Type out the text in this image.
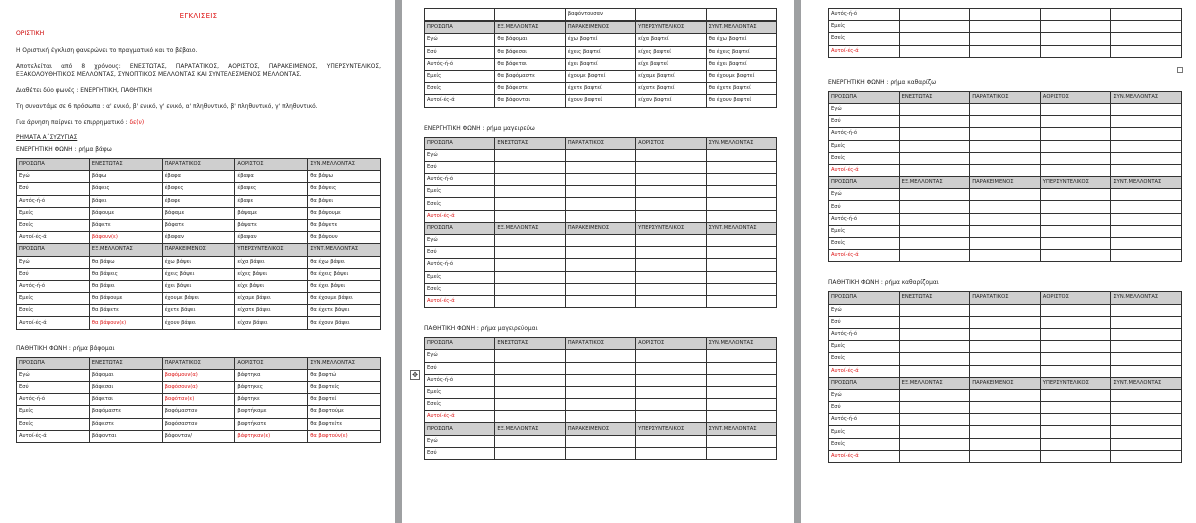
ΕΓΚΛΙΣΕΙΣ
ΟΡΙΣΤΙΚΗ

Η Οριστική έγκλιση φανερώνει το πραγματικό και το βέβαιο.

Αποτελείται από 8 χρόνους: ΕΝΕΣΤΩΤΑΣ, ΠΑΡΑΤΑΤΙΚΟΣ, ΑΟΡΙΣΤΟΣ, ΠΑΡΑΚΕΙΜΕΝΟΣ, ΥΠΕΡΣΥΝΤΕΛΙΚΟΣ, ΕΞΑΚΟΛΟΥΘΗΤΙΚΟΣ ΜΕΛΛΟΝΤΑΣ, ΣΥΝΟΠΤΙΚΟΣ ΜΕΛΛΟΝΤΑΣ ΚΑΙ ΣΥΝΤΕΛΕΣΜΕΝΟΣ ΜΕΛΛΟΝΤΑΣ.

Διαθέτει δύο φωνές : ΕΝΕΡΓΗΤΙΚΗ, ΠΑΘΗΤΙΚΗ

Τη συναντάμε σε 6 πρόσωπα : α' ενικό, β' ενικό, γ' ενικό, α' πληθυντικό, β' πληθυντικό, γ' πληθυντικό.

Για άρνηση παίρνει το επιρρηματικό : δε(ν)

ΡΗΜΑΤΑ Α΄ΣΥΖΥΓΙΑΣ
ΕΝΕΡΓΗΤΙΚΗ ΦΩΝΗ : ρήμα βάφω
ΠΡΟΣΩΠΑ	ΕΝΕΣΤΩΤΑΣ	ΠΑΡΑΤΑΤΙΚΟΣ	ΑΟΡΙΣΤΟΣ	ΣΥΝ.ΜΕΛΛΟΝΤΑΣ
Εγώ	βάφω	έβαφα	έβαψα	θα βάψω
Εσύ	βάφεις	έβαφες	έβαψες	θα βάψεις
Αυτός-ή-ό	βάφει	έβαφε	έβαψε	θα βάψει
Εμείς	βάφουμε	βάφαμε	βάψαμε	θα βάψουμε
Εσείς	βάφετε	βάφατε	βάψατε	θα βάψετε
Αυτοί-ές-ά	βάφουν(ε)	έβαφαν	έβαψαν	θα βάψουν
ΠΡΟΣΩΠΑ	ΕΞ.ΜΕΛΛΟΝΤΑΣ	ΠΑΡΑΚΕΙΜΕΝΟΣ	ΥΠΕΡΣΥΝΤΕΛΙΚΟΣ	ΣΥΝΤ.ΜΕΛΛΟΝΤΑΣ
Εγώ	θα βάφω	έχω βάψει	είχα βάψει	θα έχω βάψει
Εσύ	θα βάφεις	έχεις βάψει	είχες βάψει	θα έχεις βάψει
Αυτός-ή-ό	θα βάφει	έχει βάψει	είχε βάψει	θα έχει βάψει
Εμείς	θα βάφουμε	έχουμε βάψει	είχαμε βάψει	θα έχουμε βάψει
Εσείς	θα βάφετε	έχετε βάψει	είχατε βάψει	θα έχετε βάψει
Αυτοί-ές-ά	θα βάφουν(ε)	έχουν βάψει	είχαν βάψει	θα έχουν βάψει
ΠΑΘΗΤΙΚΗ ΦΩΝΗ : ρήμα βάφομαι
ΠΡΟΣΩΠΑ	ΕΝΕΣΤΩΤΑΣ	ΠΑΡΑΤΑΤΙΚΟΣ	ΑΟΡΙΣΤΟΣ	ΣΥΝ.ΜΕΛΛΟΝΤΑΣ
Εγώ	βάφομαι	βαφόμουν(α)	βάφτηκα	θα βαφτώ
Εσύ	βάφεσαι	βαφόσουν(α)	βάφτηκες	θα βαφτείς
Αυτός-ή-ό	βάφεται	βαφόταν(ε)	βάφτηκε	θα βαφτεί
Εμείς	βαφόμαστε	βαφόμασταν	βαφτήκαμε	θα βαφτούμε
Εσείς	βάφεστε	βαφόσασταν	βαφτήκατε	θα βαφτείτε
Αυτοί-ές-ά	βάφονται	βάφονταν/	βάφτηκαν(ε)	θα βαφτούν(ε)
		βαφόντουσαν		
ΠΡΟΣΩΠΑ	ΕΞ.ΜΕΛΛΟΝΤΑΣ	ΠΑΡΑΚΕΙΜΕΝΟΣ	ΥΠΕΡΣΥΝΤΕΛΙΚΟΣ	ΣΥΝΤ.ΜΕΛΛΟΝΤΑΣ
Εγώ	θα βάφομαι	έχω βαφτεί	είχα βαφτεί	θα έχω βαφτεί
Εσύ	θα βάφεσαι	έχεις βαφτεί	είχες βαφτεί	θα έχεις βαφτεί
Αυτός-ή-ό	θα βάφεται	έχει βαφτεί	είχε βαφτεί	θα έχει βαφτεί
Εμείς	θα βαφόμαστε	έχουμε βαφτεί	είχαμε βαφτεί	θα έχουμε βαφτεί
Εσείς	θα βάφεστε	έχετε βαφτεί	είχατε βαφτεί	θα έχετε βαφτεί
Αυτοί-ές-ά	θα βάφονται	έχουν βαφτεί	είχαν βαφτεί	θα έχουν βαφτεί
ΕΝΕΡΓΗΤΙΚΗ ΦΩΝΗ : ρήμα μαγειρεύω
ΠΡΟΣΩΠΑ	ΕΝΕΣΤΩΤΑΣ	ΠΑΡΑΤΑΤΙΚΟΣ	ΑΟΡΙΣΤΟΣ	ΣΥΝ.ΜΕΛΛΟΝΤΑΣ
Εγώ				
Εσύ				
Αυτός-ή-ό				
Εμείς				
Εσείς				
Αυτοί-ές-ά				
ΠΡΟΣΩΠΑ	ΕΞ.ΜΕΛΛΟΝΤΑΣ	ΠΑΡΑΚΕΙΜΕΝΟΣ	ΥΠΕΡΣΥΝΤΕΛΙΚΟΣ	ΣΥΝΤ.ΜΕΛΛΟΝΤΑΣ
Εγώ				
Εσύ				
Αυτός-ή-ό				
Εμείς				
Εσείς				
Αυτοί-ές-ά				
ΠΑΘΗΤΙΚΗ ΦΩΝΗ : ρήμα μαγειρεύομαι
ΠΡΟΣΩΠΑ	ΕΝΕΣΤΩΤΑΣ	ΠΑΡΑΤΑΤΙΚΟΣ	ΑΟΡΙΣΤΟΣ	ΣΥΝ.ΜΕΛΛΟΝΤΑΣ
Εγώ				
Εσύ				
Αυτός-ή-ό				
Εμείς				
Εσείς				
Αυτοί-ές-ά				
ΠΡΟΣΩΠΑ	ΕΞ.ΜΕΛΛΟΝΤΑΣ	ΠΑΡΑΚΕΙΜΕΝΟΣ	ΥΠΕΡΣΥΝΤΕΛΙΚΟΣ	ΣΥΝΤ.ΜΕΛΛΟΝΤΑΣ
Εγώ				
Εσύ				
✥
Αυτός-ή-ό				
Εμείς				
Εσείς				
Αυτοί-ές-ά				
ΕΝΕΡΓΗΤΙΚΗ ΦΩΝΗ : ρήμα καθαρίζω
ΠΡΟΣΩΠΑ	ΕΝΕΣΤΩΤΑΣ	ΠΑΡΑΤΑΤΙΚΟΣ	ΑΟΡΙΣΤΟΣ	ΣΥΝ.ΜΕΛΛΟΝΤΑΣ
Εγώ				
Εσύ				
Αυτός-ή-ό				
Εμείς				
Εσείς				
Αυτοί-ές-ά				
ΠΡΟΣΩΠΑ	ΕΞ.ΜΕΛΛΟΝΤΑΣ	ΠΑΡΑΚΕΙΜΕΝΟΣ	ΥΠΕΡΣΥΝΤΕΛΙΚΟΣ	ΣΥΝΤ.ΜΕΛΛΟΝΤΑΣ
Εγώ				
Εσύ				
Αυτός-ή-ό				
Εμείς				
Εσείς				
Αυτοί-ές-ά				
ΠΑΘΗΤΙΚΗ ΦΩΝΗ : ρήμα καθαρίζομαι
ΠΡΟΣΩΠΑ	ΕΝΕΣΤΩΤΑΣ	ΠΑΡΑΤΑΤΙΚΟΣ	ΑΟΡΙΣΤΟΣ	ΣΥΝ.ΜΕΛΛΟΝΤΑΣ
Εγώ				
Εσύ				
Αυτός-ή-ό				
Εμείς				
Εσείς				
Αυτοί-ές-ά				
ΠΡΟΣΩΠΑ	ΕΞ.ΜΕΛΛΟΝΤΑΣ	ΠΑΡΑΚΕΙΜΕΝΟΣ	ΥΠΕΡΣΥΝΤΕΛΙΚΟΣ	ΣΥΝΤ.ΜΕΛΛΟΝΤΑΣ
Εγώ				
Εσύ				
Αυτός-ή-ό				
Εμείς				
Εσείς				
Αυτοί-ές-ά				
